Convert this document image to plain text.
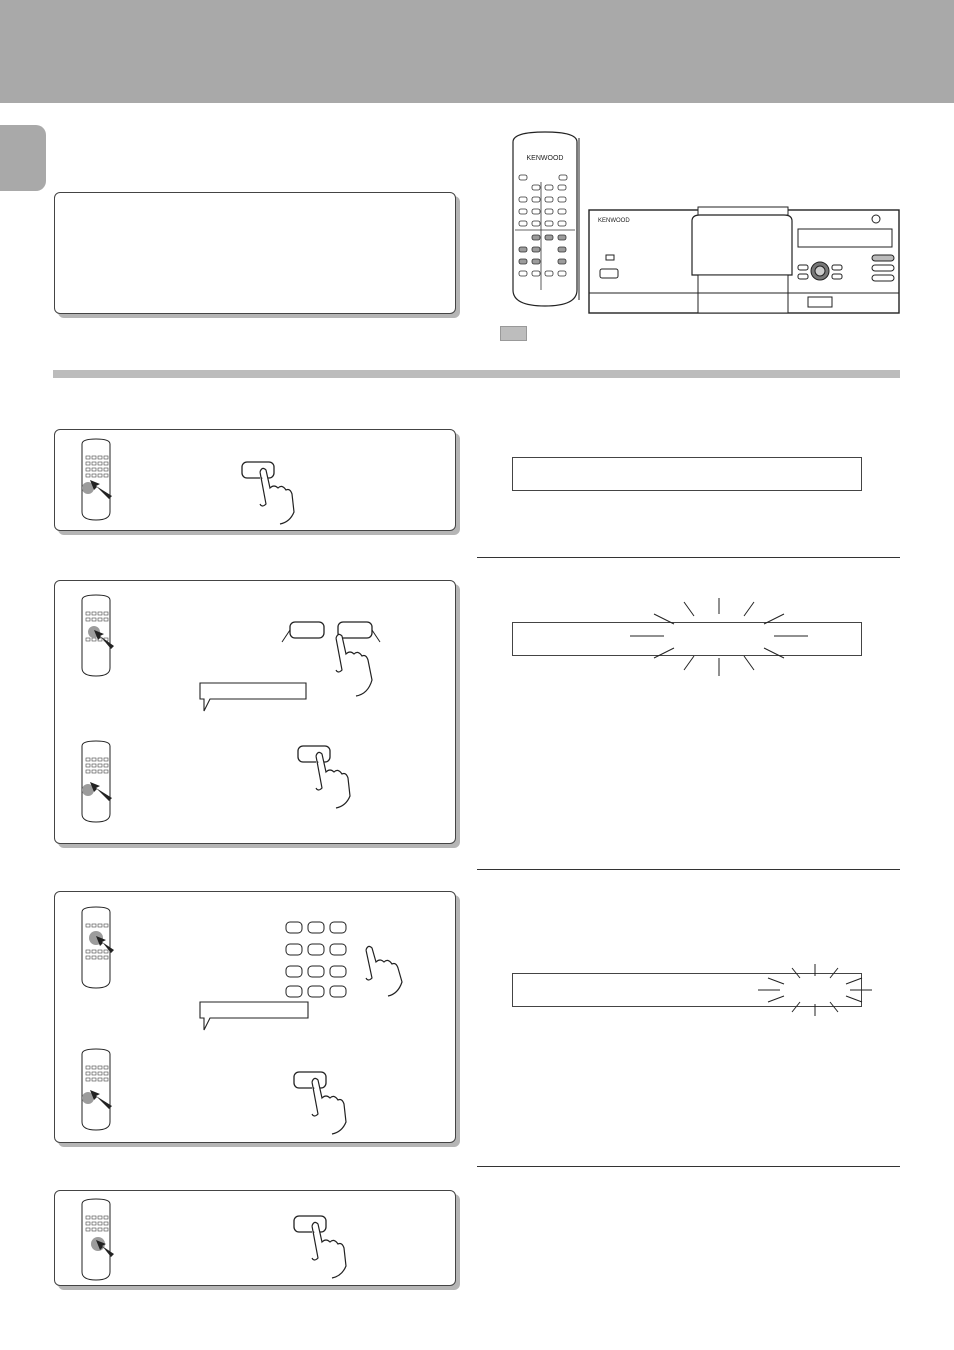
KENWOOD
KENWOOD
